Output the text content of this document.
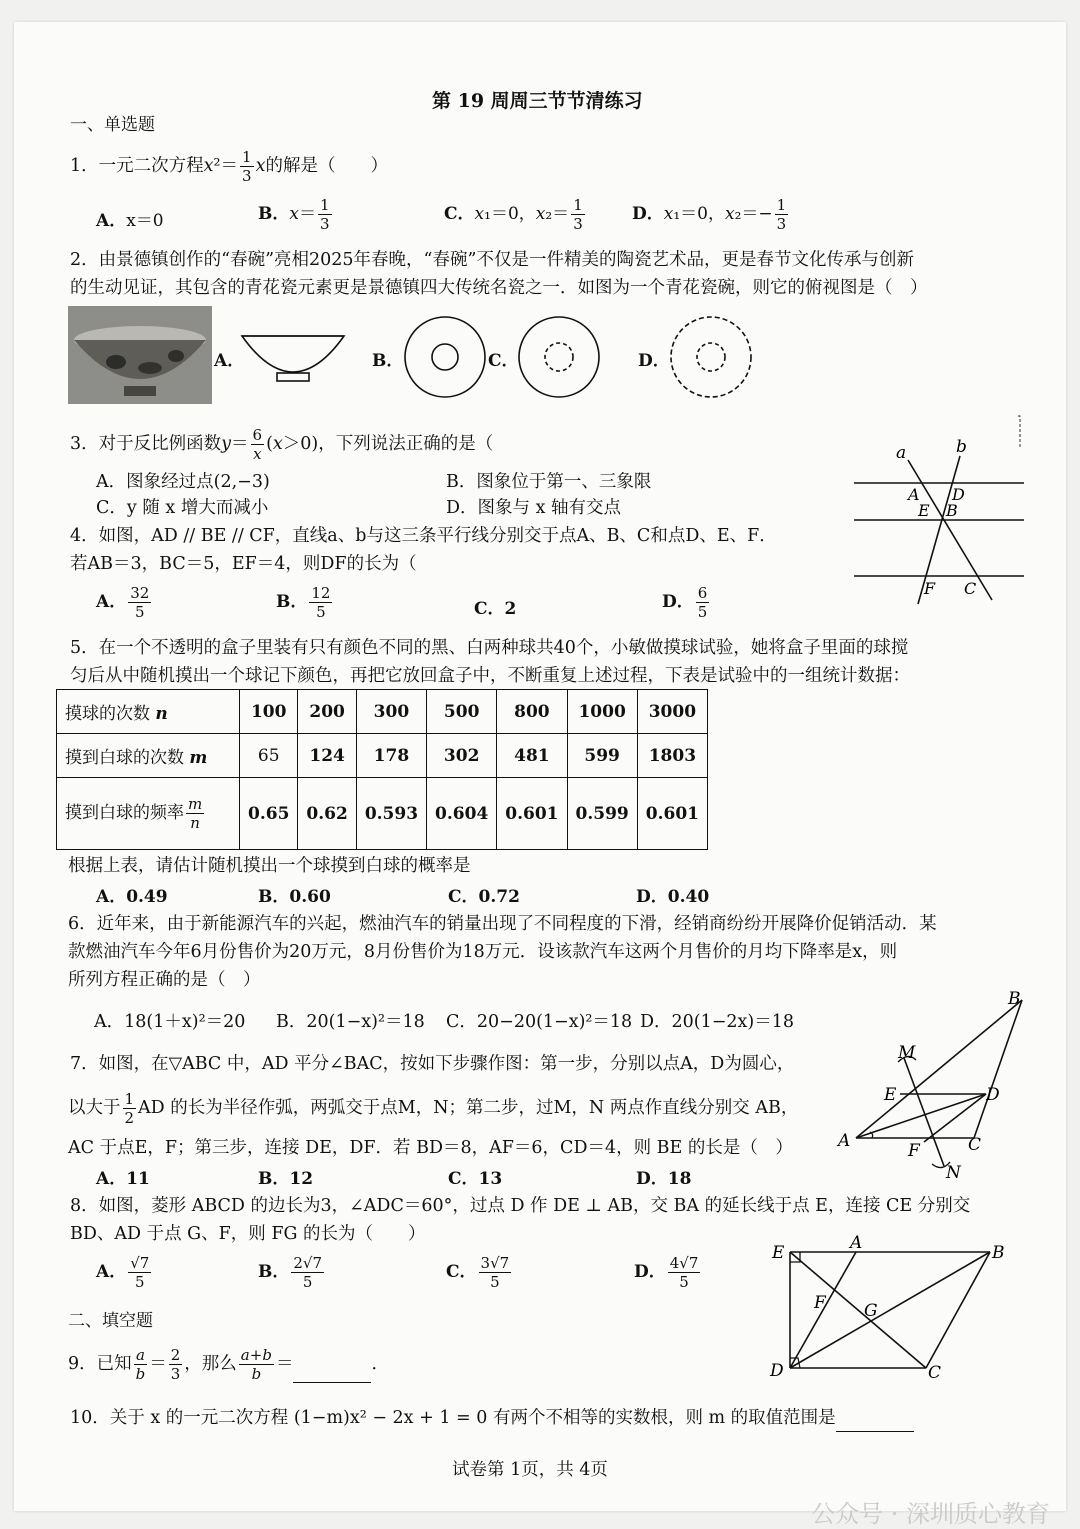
第 19 周周三节节清练习
一、单选题
1．一元二次方程$x^2= \frac{1}{3}$ x的解是（　　）
A．x＝0	B．$x= \frac{1}{3}$	C．x₁＝0，$x_2= \frac{1}{3}$	D．x₁＝0，$x_2=- \frac{1}{3}$
2．由景德镇创作的“春碗”亮相2025年春晚，“春碗”不仅是一件精美的陶瓷艺术品，更是春节文化传承与创新
的生动见证，其包含的青花瓷元素更是景德镇四大传统名瓷之一．如图为一个青花瓷碗，则它的俯视图是（　）
A．	B．	C．	D．
3．对于反比例函数$y= \frac{6}{x} (x>0)$，下列说法正确的是（
A．图象经过点(2,−3)	B．图象位于第一、三象限
C．y 随 x 增大而减小	D．图象与 x 轴有交点
a	b
A D
E B
F C
4．如图，AD // BE // CF，直线a、b与这三条平行线分别交于点A、B、C和点D、E、F．
若AB＝3，BC＝5，EF＝4，则DF的长为（
A． $\frac{32}{5}$	B． $\frac{12}{5}$	C．2	D． $\frac{6}{5}$
5．在一个不透明的盒子里装有只有颜色不同的黑、白两种球共40个，小敏做摸球试验，她将盒子里面的球搅
匀后从中随机摸出一个球记下颜色，再把它放回盒子中，不断重复上述过程，下表是试验中的一组统计数据：
摸球的次数 n	100	200	300	500	800	1000	3000
摸到白球的次数 m	65	124	178	302	481	599	1803
摸到白球的频率 $\frac{m}{n}$	0.65	0.62	0.593	0.604	0.601	0.599	0.601
根据上表，请估计随机摸出一个球摸到白球的概率是
A．0.49	B．0.60	C．0.72	D．0.40
6．近年来，由于新能源汽车的兴起，燃油汽车的销量出现了不同程度的下滑，经销商纷纷开展降价促销活动．某
款燃油汽车今年6月份售价为20万元，8月份售价为18万元．设该款汽车这两个月售价的月均下降率是x，则
所列方程正确的是（　）
A．18(1＋x)²＝20 B．20(1−x)²＝18 C．20−20(1−x)²＝18 D．20(1−2x)＝18
B
M
E	D
A	C
F
N
7．如图，在▽ABC 中，AD 平分∠BAC，按如下步骤作图：第一步，分别以点A，D为圆心，
以大于 $\frac{1}{2}$ AD 的长为半径作弧，两弧交于点M，N；第二步，过M，N 两点作直线分别交 AB，
AC 于点E，F；第三步，连接 DE，DF．若 BD＝8，AF＝6，CD＝4，则 BE 的长是（　）
A．11	B．12	C．13	D．18
8．如图，菱形 ABCD 的边长为3，∠ADC＝60°，过点 D 作 DE ⊥ AB，交 BA 的延长线于点 E，连接 CE 分别交
BD、AD 于点 G、F，则 FG 的长为（　　）
A． $\frac{√7}{5}$	B． $\frac{2√7}{5}$	C． $\frac{3√7}{5}$	D． $\frac{4√7}{5}$
E	A	B
F G
D	C
二、填空题
9．已知 $\frac{a}{b} = \frac{2}{3}$ ，那么 $\frac{a+b}{b}$ ＝	．
10．关于 x 的一元二次方程 (1−m)x² − 2x + 1 = 0 有两个不相等的实数根，则 m 的取值范围是
试卷第 1页，共 4页
公众号 · 深圳质心教育
